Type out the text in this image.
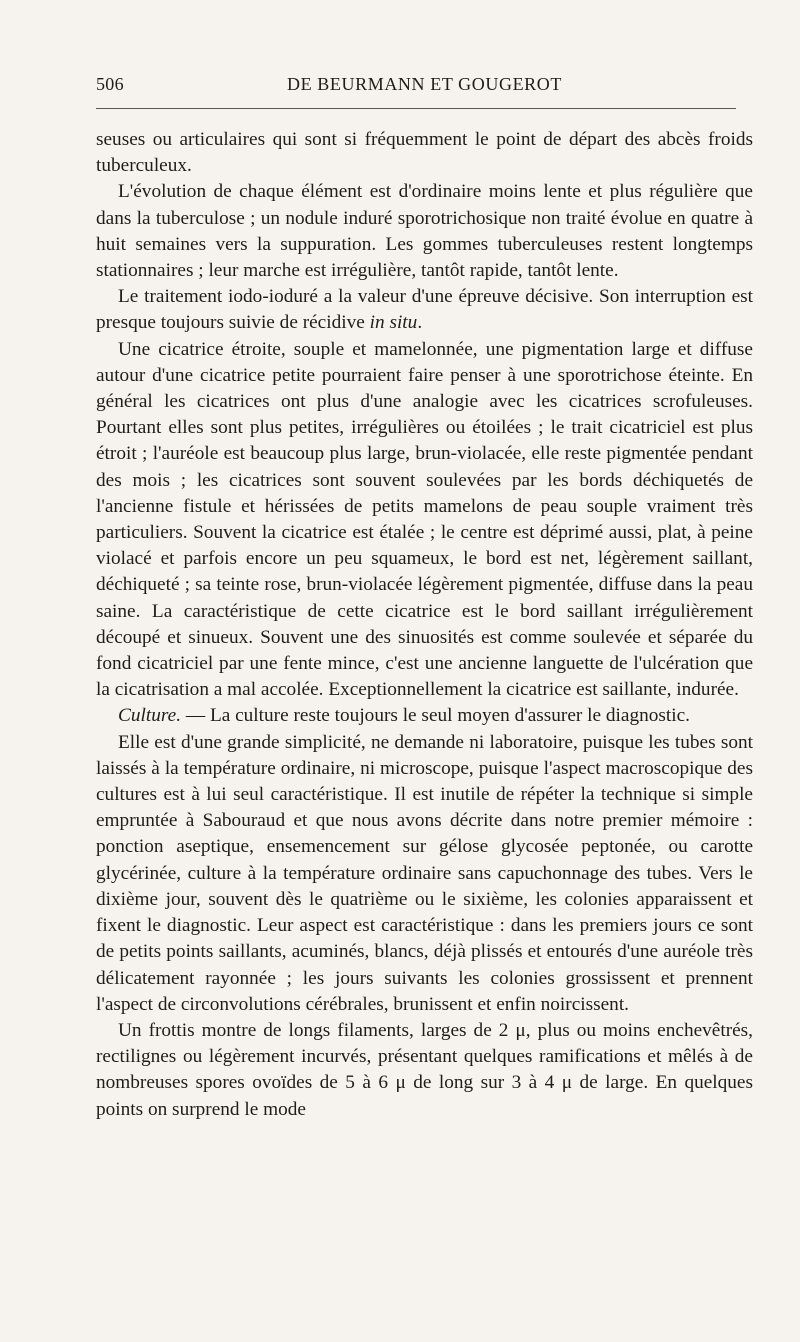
506	DE BEURMANN ET GOUGEROT

seuses ou articulaires qui sont si fréquemment le point de départ des abcès froids tuberculeux.

L'évolution de chaque élément est d'ordinaire moins lente et plus régulière que dans la tuberculose ; un nodule induré sporotrichosique non traité évolue en quatre à huit semaines vers la suppuration. Les gommes tuberculeuses restent longtemps stationnaires ; leur marche est irrégulière, tantôt rapide, tantôt lente.

Le traitement iodo-ioduré a la valeur d'une épreuve décisive. Son interruption est presque toujours suivie de récidive in situ.

Une cicatrice étroite, souple et mamelonnée, une pigmentation large et diffuse autour d'une cicatrice petite pourraient faire penser à une sporotrichose éteinte. En général les cicatrices ont plus d'une analogie avec les cicatrices scrofuleuses. Pourtant elles sont plus petites, irrégulières ou étoilées ; le trait cicatriciel est plus étroit ; l'auréole est beaucoup plus large, brun-violacée, elle reste pigmentée pendant des mois ; les cicatrices sont souvent soulevées par les bords déchiquetés de l'ancienne fistule et hérissées de petits mamelons de peau souple vraiment très particuliers. Souvent la cicatrice est étalée ; le centre est déprimé aussi, plat, à peine violacé et parfois encore un peu squameux, le bord est net, légèrement saillant, déchiqueté ; sa teinte rose, brun-violacée légèrement pigmentée, diffuse dans la peau saine. La caractéristique de cette cicatrice est le bord saillant irrégulièrement découpé et sinueux. Souvent une des sinuosités est comme soulevée et séparée du fond cicatriciel par une fente mince, c'est une ancienne languette de l'ulcération que la cicatrisation a mal accolée. Exceptionnellement la cicatrice est saillante, indurée.

Culture. — La culture reste toujours le seul moyen d'assurer le diagnostic.

Elle est d'une grande simplicité, ne demande ni laboratoire, puisque les tubes sont laissés à la température ordinaire, ni microscope, puisque l'aspect macroscopique des cultures est à lui seul caractéristique. Il est inutile de répéter la technique si simple empruntée à Sabouraud et que nous avons décrite dans notre premier mémoire : ponction aseptique, ensemencement sur gélose glycosée peptonée, ou carotte glycérinée, culture à la température ordinaire sans capuchonnage des tubes. Vers le dixième jour, souvent dès le quatrième ou le sixième, les colonies apparaissent et fixent le diagnostic. Leur aspect est caractéristique : dans les premiers jours ce sont de petits points saillants, acuminés, blancs, déjà plissés et entourés d'une auréole très délicatement rayonnée ; les jours suivants les colonies grossissent et prennent l'aspect de circonvolutions cérébrales, brunissent et enfin noircissent.

Un frottis montre de longs filaments, larges de 2 μ, plus ou moins enchevêtrés, rectilignes ou légèrement incurvés, présentant quelques ramifications et mêlés à de nombreuses spores ovoïdes de 5 à 6 μ de long sur 3 à 4 μ de large. En quelques points on surprend le mode
